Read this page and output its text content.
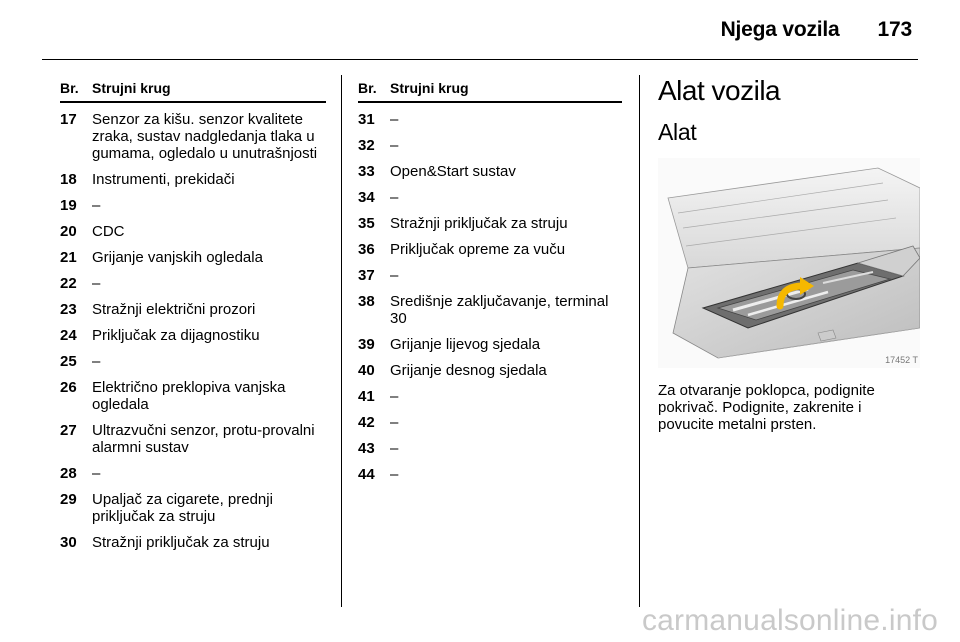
Njega vozila 173
Br. Strujni krug
17	Senzor za kišu. senzor kvalitete zraka, sustav nadgledanja tlaka u gumama, ogledalo u unutrašnjosti
18	Instrumenti, prekidači
19	–
20	CDC
21	Grijanje vanjskih ogledala
22	–
23	Stražnji električni prozori
24	Priključak za dijagnostiku
25	–
26	Električno preklopiva vanjska ogledala
27	Ultrazvučni senzor, protu-provalni alarmni sustav
28	–
29	Upaljač za cigarete, prednji priključak za struju
30	Stražnji priključak za struju
Br. Strujni krug
31	–
32	–
33	Open&Start sustav
34	–
35	Stražnji priključak za struju
36	Priključak opreme za vuču
37	–
38	Središnje zaključavanje, terminal 30
39	Grijanje lijevog sjedala
40	Grijanje desnog sjedala
41	–
42	–
43	–
44	–
Alat vozila
Alat
17452 T
Za otvaranje poklopca, podignite pokrivač. Podignite, zakrenite i povucite metalni prsten.
carmanualsonline.info
